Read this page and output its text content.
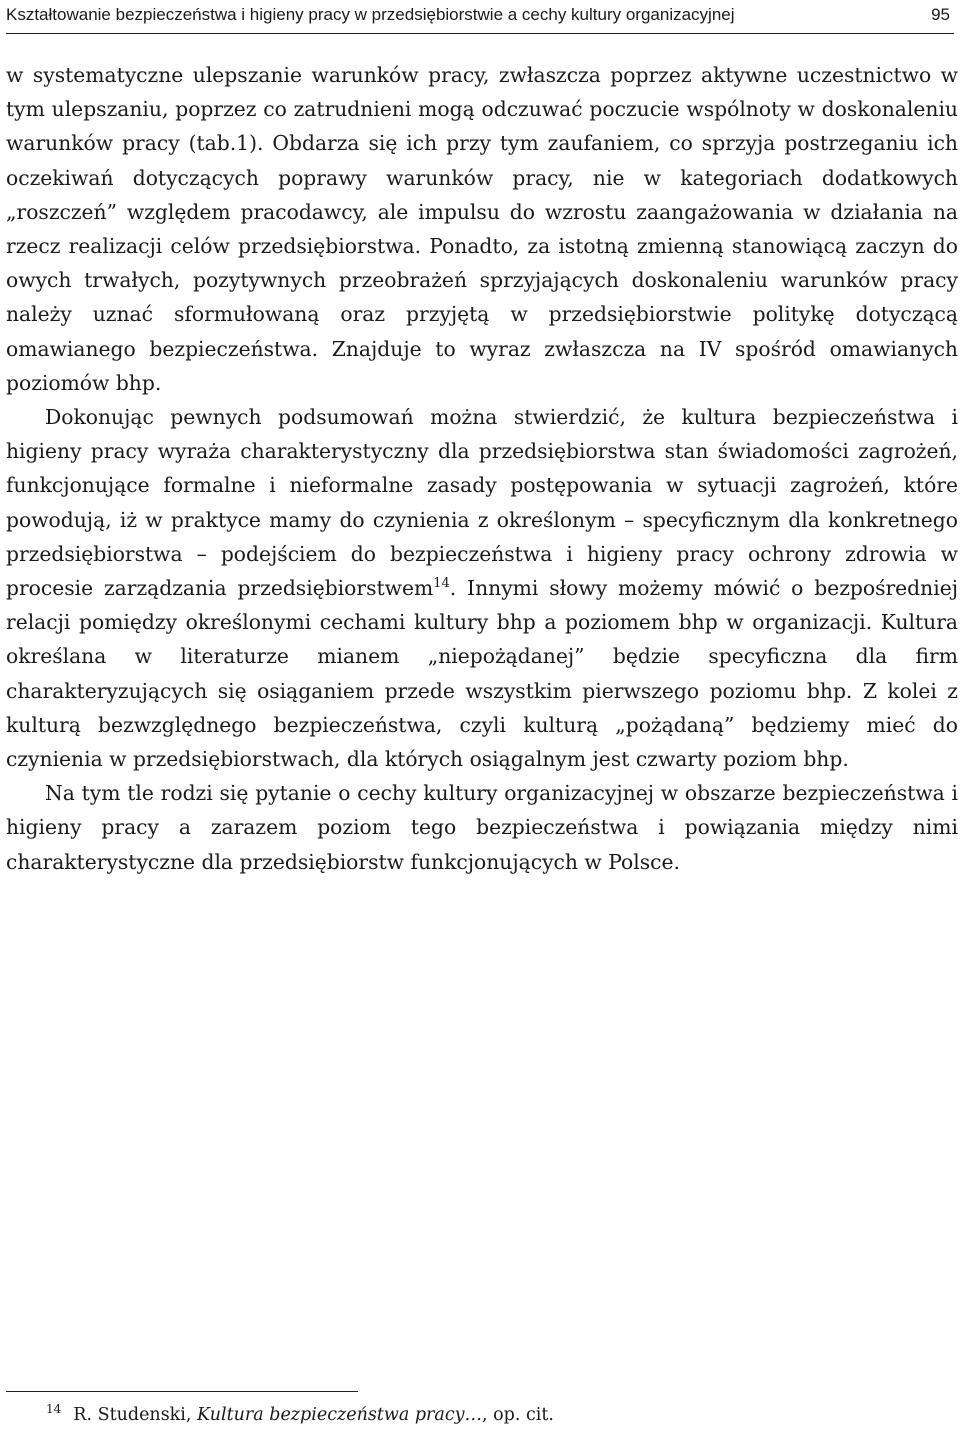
Kształtowanie bezpieczeństwa i higieny pracy w przedsiębiorstwie a cechy kultury organizacyjnej	95

w systematyczne ulepszanie warunków pracy, zwłaszcza poprzez aktywne uczestnictwo w tym ulepszaniu, poprzez co zatrudnieni mogą odczuwać poczucie wspólnoty w doskonaleniu warunków pracy (tab.1). Obdarza się ich przy tym zaufaniem, co sprzyja postrzeganiu ich oczekiwań dotyczących poprawy warunków pracy, nie w kategoriach dodatkowych „roszczeń” względem pracodawcy, ale impulsu do wzrostu zaangażowania w działania na rzecz realizacji celów przedsiębiorstwa. Ponadto, za istotną zmienną stanowiącą zaczyn do owych trwałych, pozytywnych przeobrażeń sprzyjających doskonaleniu warunków pracy należy uznać sformułowaną oraz przyjętą w przedsiębiorstwie politykę dotyczącą omawianego bezpieczeństwa. Znajduje to wyraz zwłaszcza na IV spośród omawianych poziomów bhp.

Dokonując pewnych podsumowań można stwierdzić, że kultura bezpieczeństwa i higieny pracy wyraża charakterystyczny dla przedsiębiorstwa stan świadomości zagrożeń, funkcjonujące formalne i nieformalne zasady postępowania w sytuacji zagrożeń, które powodują, iż w praktyce mamy do czynienia z określonym – specyficznym dla konkretnego przedsiębiorstwa – podejściem do bezpieczeństwa i higieny pracy ochrony zdrowia w procesie zarządzania przedsiębiorstwem$^{14}$. Innymi słowy możemy mówić o bezpośredniej relacji pomiędzy określonymi cechami kultury bhp a poziomem bhp w organizacji. Kultura określana w literaturze mianem „niepożądanej” będzie specyficzna dla firm charakteryzujących się osiąganiem przede wszystkim pierwszego poziomu bhp. Z kolei z kulturą bezwzględnego bezpieczeństwa, czyli kulturą „pożądaną” będziemy mieć do czynienia w przedsiębiorstwach, dla których osiągalnym jest czwarty poziom bhp.

Na tym tle rodzi się pytanie o cechy kultury organizacyjnej w obszarze bezpieczeństwa i higieny pracy a zarazem poziom tego bezpieczeństwa i powiązania między nimi charakterystyczne dla przedsiębiorstw funkcjonujących w Polsce.

$^{14}$ R. Studenski, Kultura bezpieczeństwa pracy…, op. cit.
